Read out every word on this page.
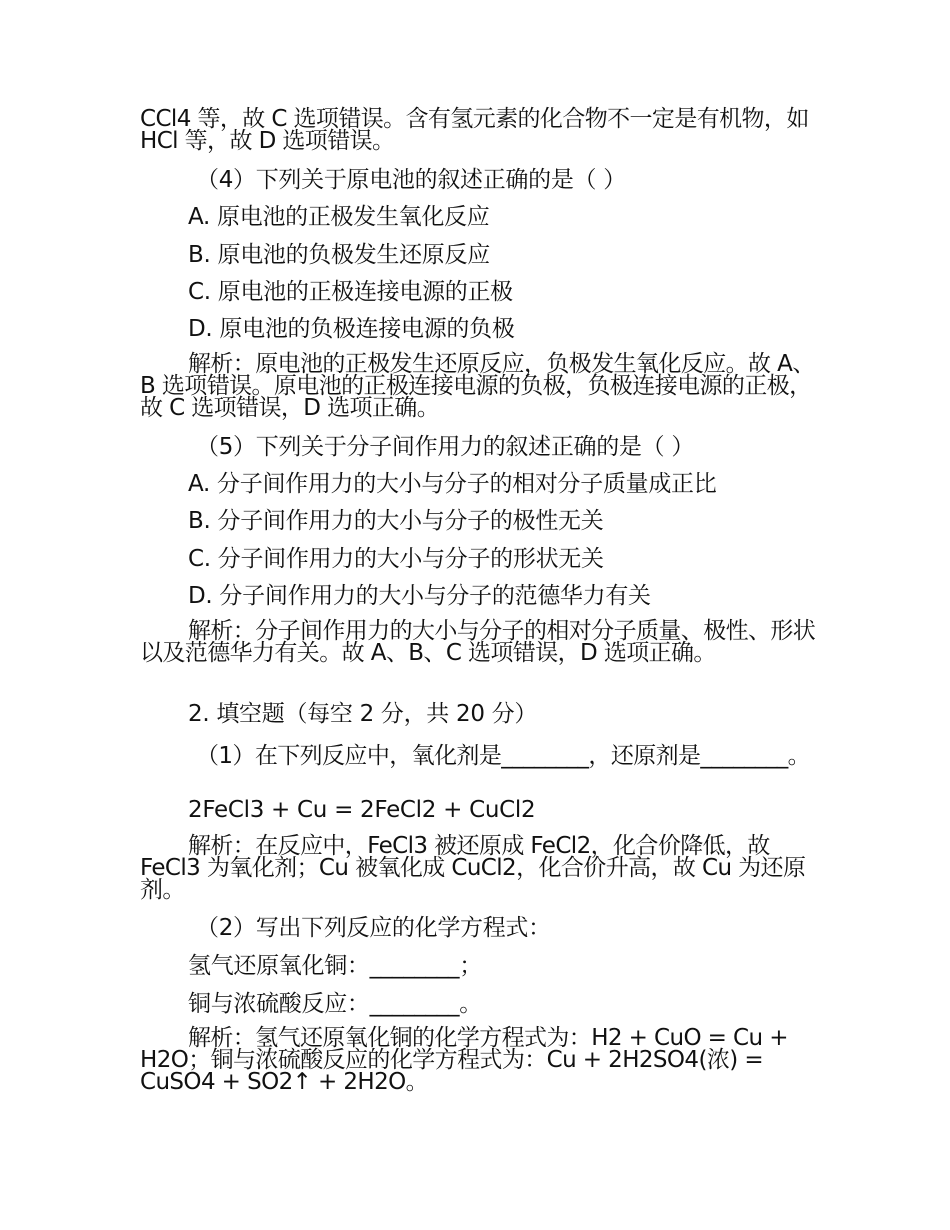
CCl4 等，故 C 选项错误。含有氢元素的化合物不一定是有机物，如 HCl 等，故 D 选项错误。

（4）下列关于原电池的叙述正确的是（ ）
A. 原电池的正极发生氧化反应
B. 原电池的负极发生还原反应
C. 原电池的正极连接电源的正极
D. 原电池的负极连接电源的负极

解析：原电池的正极发生还原反应，负极发生氧化反应。故 A、B 选项错误。原电池的正极连接电源的负极，负极连接电源的正极，故 C 选项错误，D 选项正确。

（5）下列关于分子间作用力的叙述正确的是（ ）
A. 分子间作用力的大小与分子的相对分子质量成正比
B. 分子间作用力的大小与分子的极性无关
C. 分子间作用力的大小与分子的形状无关
D. 分子间作用力的大小与分子的范德华力有关

解析：分子间作用力的大小与分子的相对分子质量、极性、形状以及范德华力有关。故 A、B、C 选项错误，D 选项正确。

2. 填空题（每空 2 分，共 20 分）

（1）在下列反应中，氧化剂是________，还原剂是________。

2FeCl3 + Cu = 2FeCl2 + CuCl2

解析：在反应中，FeCl3 被还原成 FeCl2，化合价降低，故 FeCl3 为氧化剂；Cu 被氧化成 CuCl2，化合价升高，故 Cu 为还原剂。

（2）写出下列反应的化学方程式：
氢气还原氧化铜：________；
铜与浓硫酸反应：________。

解析：氢气还原氧化铜的化学方程式为：H2 + CuO = Cu + H2O；铜与浓硫酸反应的化学方程式为：Cu + 2H2SO4(浓) = CuSO4 + SO2↑ + 2H2O。
